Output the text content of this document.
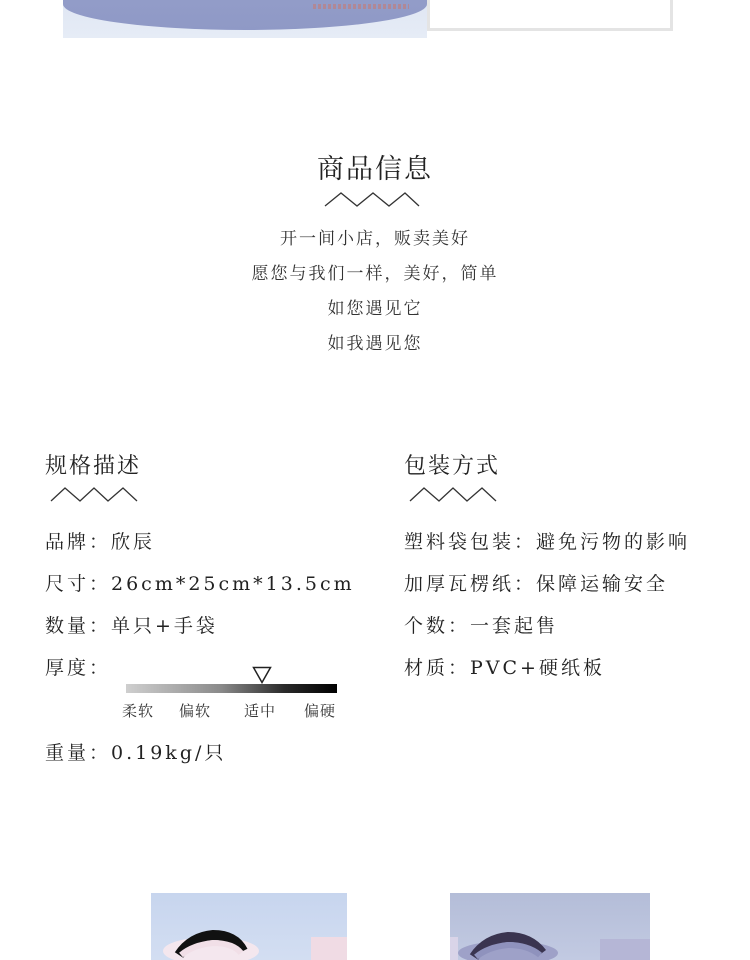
商品信息
开一间小店，贩卖美好
愿您与我们一样，美好，简单
如您遇见它
如我遇见您
规格描述
品牌：欣辰
尺寸：26cm*25cm*13.5cm
数量：单只+手袋
厚度：
柔软 偏软 适中 偏硬
重量：0.19kg/只
包装方式
塑料袋包装：避免污物的影响
加厚瓦楞纸：保障运输安全
个数：一套起售
材质：PVC+硬纸板
